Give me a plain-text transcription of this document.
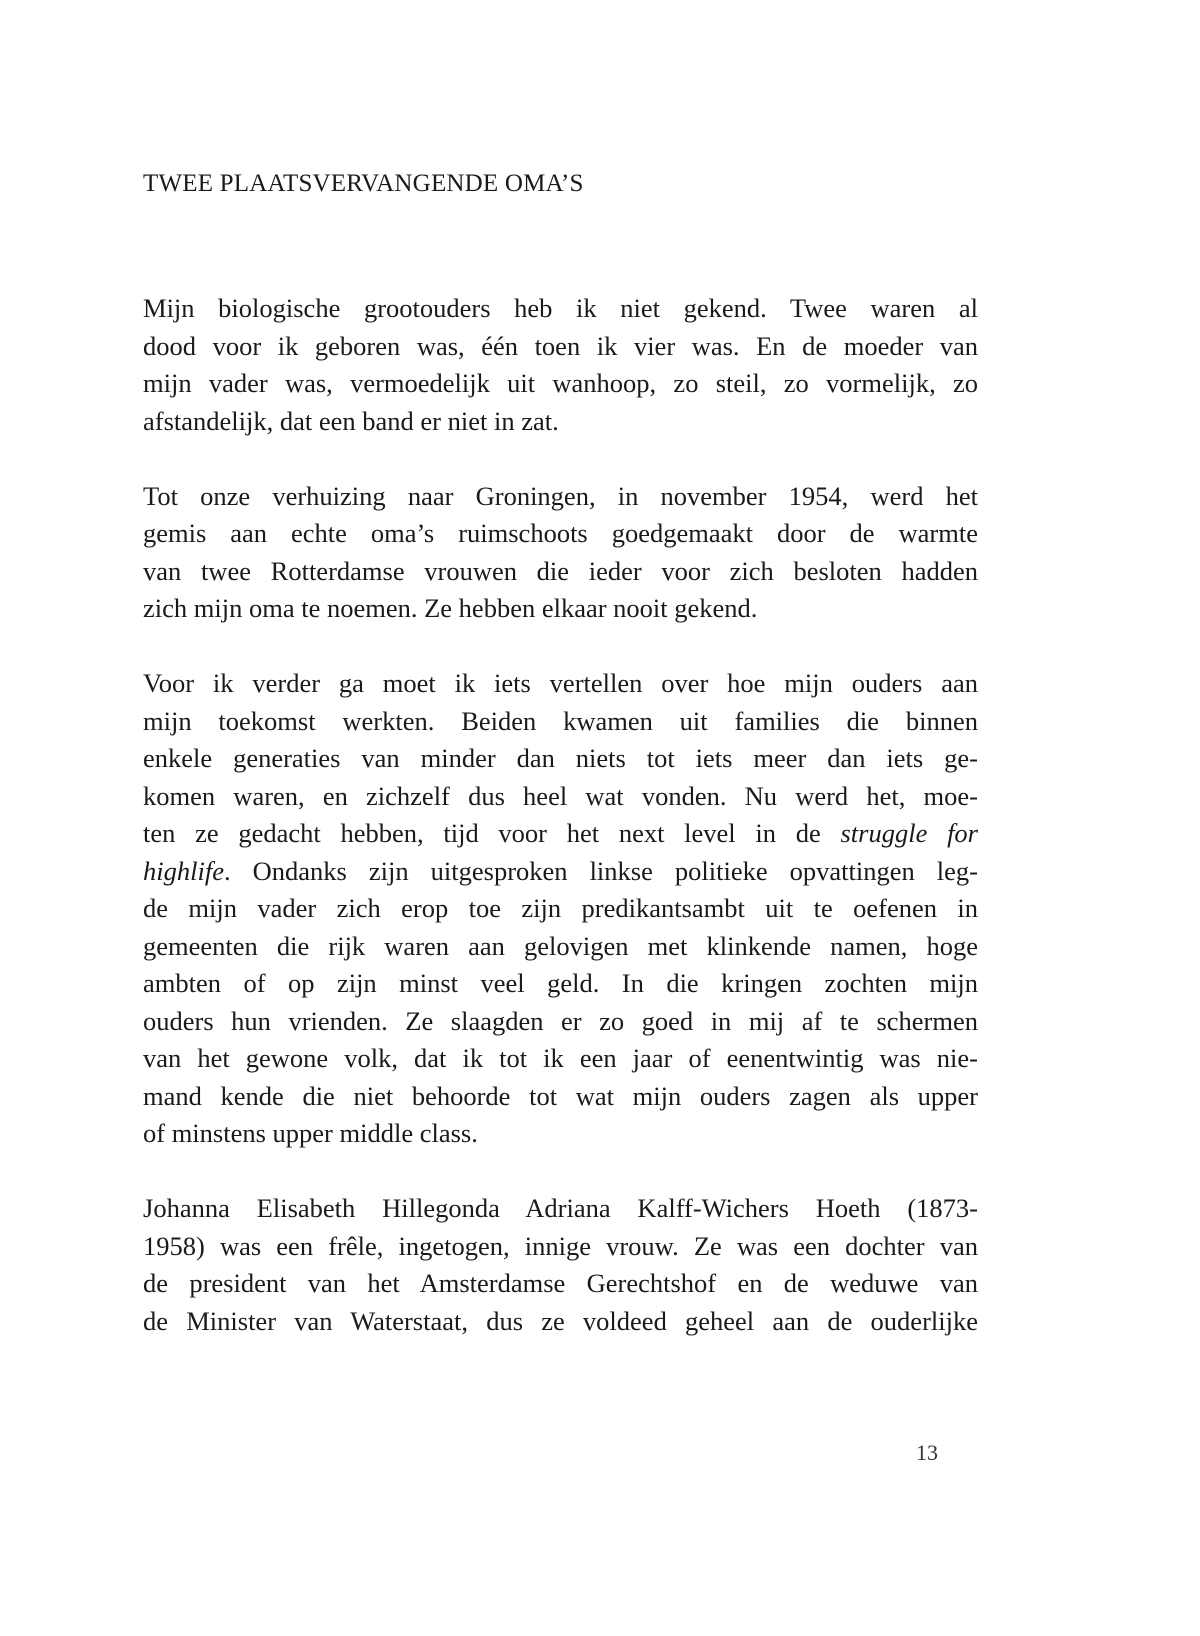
TWEE PLAATSVERVANGENDE OMA’S

Mijn biologische grootouders heb ik niet gekend. Twee waren al
dood voor ik geboren was, één toen ik vier was. En de moeder van
mijn vader was, vermoedelijk uit wanhoop, zo steil, zo vormelijk, zo
afstandelijk, dat een band er niet in zat.

Tot onze verhuizing naar Groningen, in november 1954, werd het
gemis aan echte oma’s ruimschoots goedgemaakt door de warmte
van twee Rotterdamse vrouwen die ieder voor zich besloten hadden
zich mijn oma te noemen. Ze hebben elkaar nooit gekend.

Voor ik verder ga moet ik iets vertellen over hoe mijn ouders aan
mijn toekomst werkten. Beiden kwamen uit families die binnen
enkele generaties van minder dan niets tot iets meer dan iets ge-
komen waren, en zichzelf dus heel wat vonden. Nu werd het, moe-
ten ze gedacht hebben, tijd voor het next level in de struggle for
highlife. Ondanks zijn uitgesproken linkse politieke opvattingen leg-
de mijn vader zich erop toe zijn predikantsambt uit te oefenen in
gemeenten die rijk waren aan gelovigen met klinkende namen, hoge
ambten of op zijn minst veel geld. In die kringen zochten mijn
ouders hun vrienden. Ze slaagden er zo goed in mij af te schermen
van het gewone volk, dat ik tot ik een jaar of eenentwintig was nie-
mand kende die niet behoorde tot wat mijn ouders zagen als upper
of minstens upper middle class.

Johanna Elisabeth Hillegonda Adriana Kalff-Wichers Hoeth (1873-
1958) was een frêle, ingetogen, innige vrouw. Ze was een dochter van
de president van het Amsterdamse Gerechtshof en de weduwe van
de Minister van Waterstaat, dus ze voldeed geheel aan de ouderlijke

13
